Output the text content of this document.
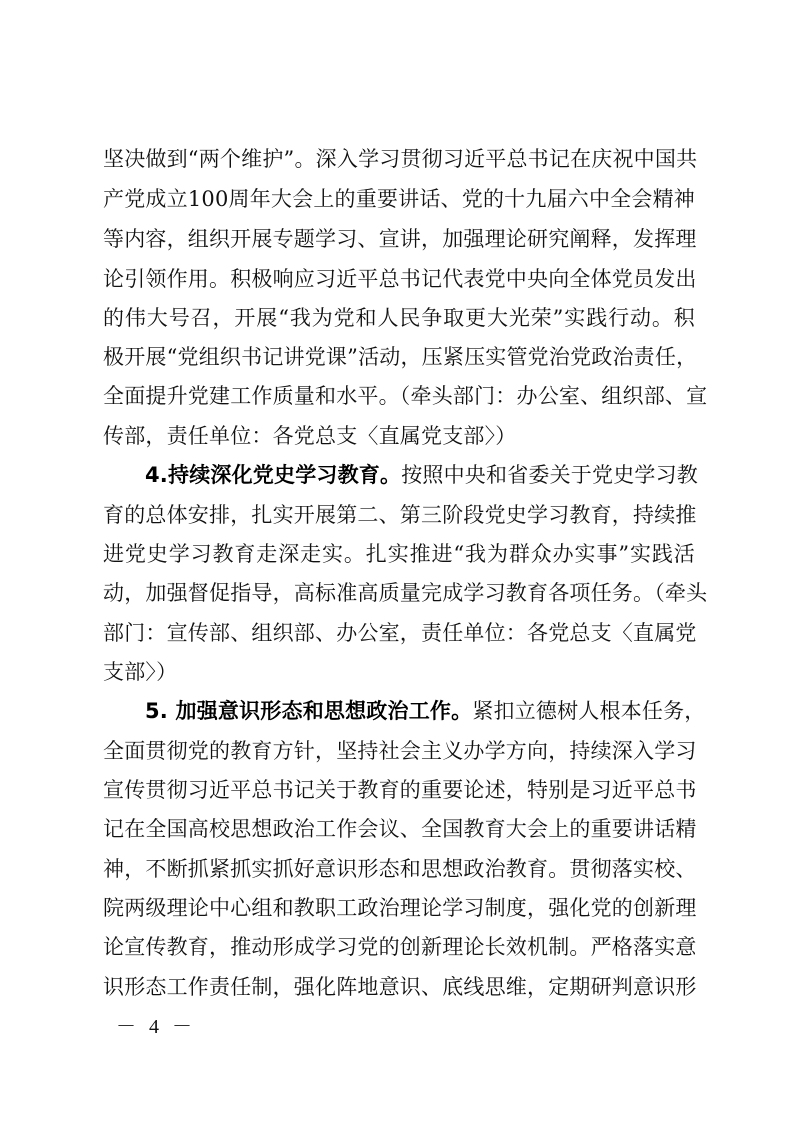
坚决做到“两个维护”。深入学习贯彻习近平总书记在庆祝中国共
产党成立100周年大会上的重要讲话、党的十九届六中全会精神
等内容，组织开展专题学习、宣讲，加强理论研究阐释，发挥理
论引领作用。积极响应习近平总书记代表党中央向全体党员发出
的伟大号召，开展“我为党和人民争取更大光荣”实践行动。积
极开展“党组织书记讲党课”活动，压紧压实管党治党政治责任，
全面提升党建工作质量和水平。（牵头部门：办公室、组织部、宣
传部，责任单位：各党总支〈直属党支部〉）
4.持续深化党史学习教育。按照中央和省委关于党史学习教
育的总体安排，扎实开展第二、第三阶段党史学习教育，持续推
进党史学习教育走深走实。扎实推进“我为群众办实事”实践活
动，加强督促指导，高标准高质量完成学习教育各项任务。（牵头
部门：宣传部、组织部、办公室，责任单位：各党总支〈直属党
支部〉）
5. 加强意识形态和思想政治工作。紧扣立德树人根本任务，
全面贯彻党的教育方针，坚持社会主义办学方向，持续深入学习
宣传贯彻习近平总书记关于教育的重要论述，特别是习近平总书
记在全国高校思想政治工作会议、全国教育大会上的重要讲话精
神，不断抓紧抓实抓好意识形态和思想政治教育。贯彻落实校、
院两级理论中心组和教职工政治理论学习制度，强化党的创新理
论宣传教育，推动形成学习党的创新理论长效机制。严格落实意
识形态工作责任制，强化阵地意识、底线思维，定期研判意识形
－ 4 －
